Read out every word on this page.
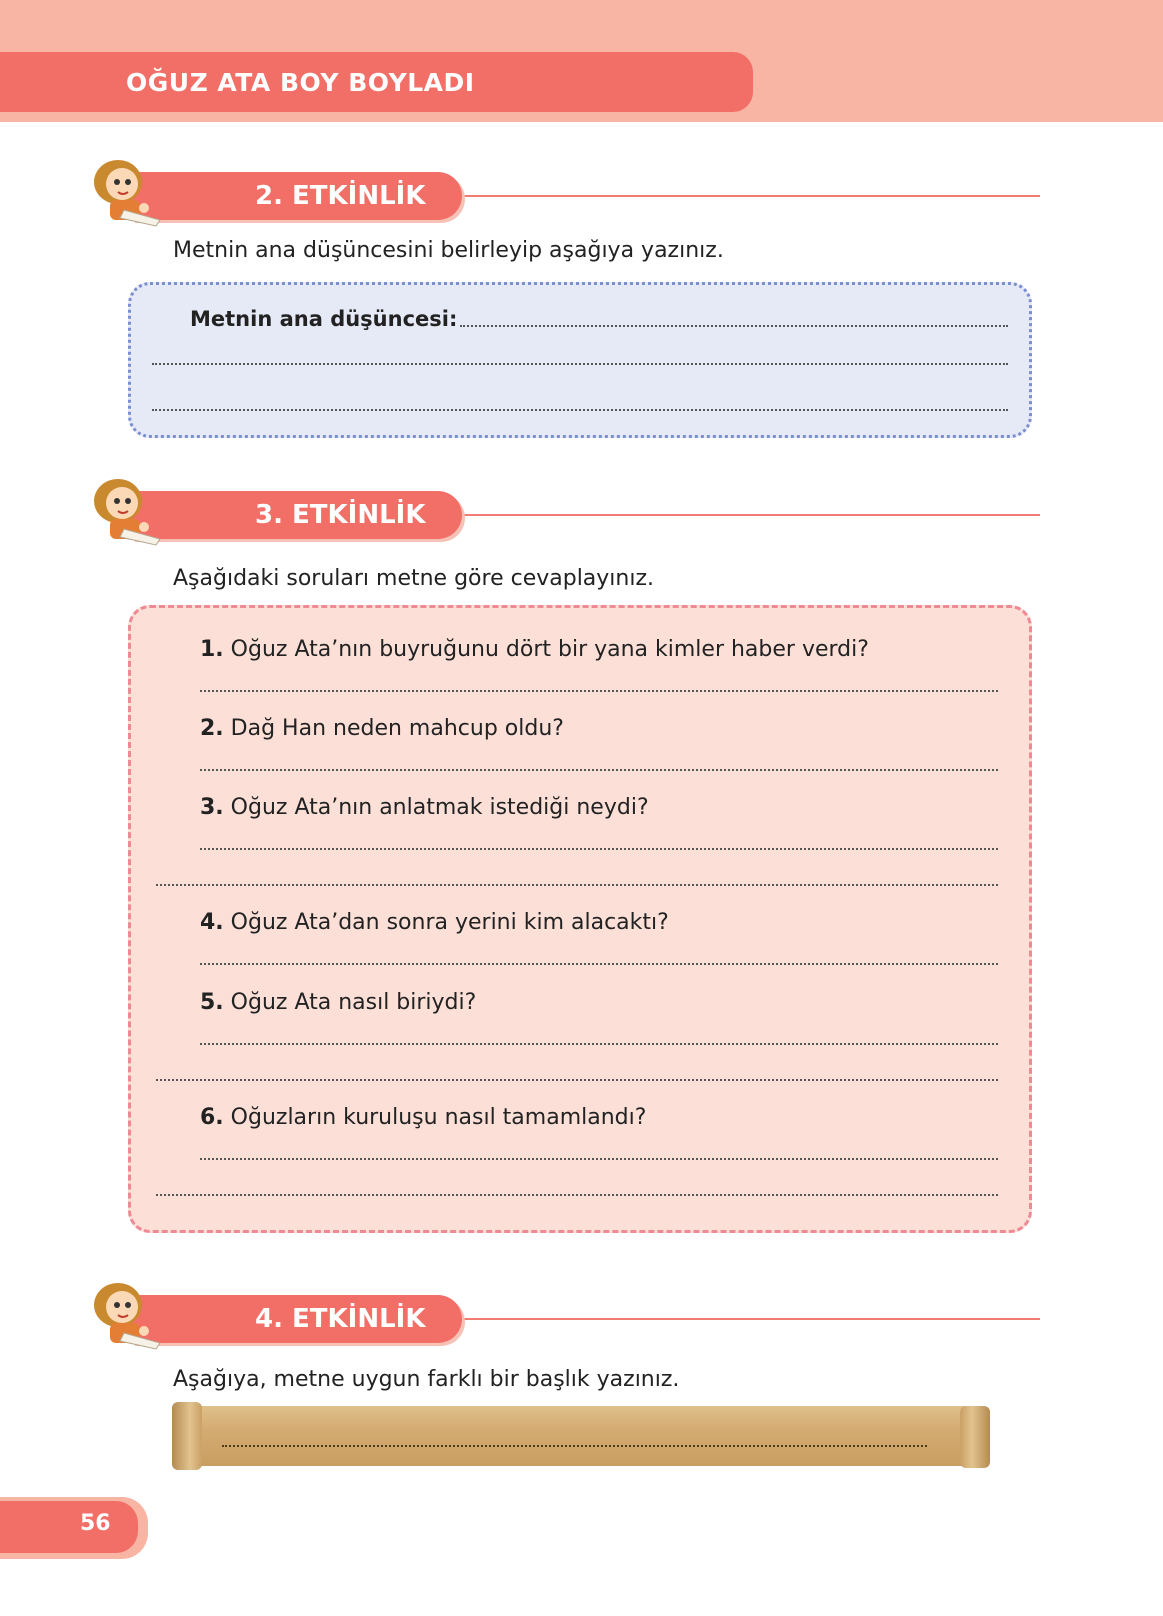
OĞUZ ATA BOY BOYLADI
2. ETKİNLİK
Metnin ana düşüncesini belirleyip aşağıya yazınız.
Metnin ana düşüncesi:
3. ETKİNLİK
Aşağıdaki soruları metne göre cevaplayınız.
1. Oğuz Ata’nın buyruğunu dört bir yana kimler haber verdi?
2. Dağ Han neden mahcup oldu?
3. Oğuz Ata’nın anlatmak istediği neydi?
4. Oğuz Ata’dan sonra yerini kim alacaktı?
5. Oğuz Ata nasıl biriydi?
6. Oğuzların kuruluşu nasıl tamamlandı?
4. ETKİNLİK
Aşağıya, metne uygun farklı bir başlık yazınız.
56
